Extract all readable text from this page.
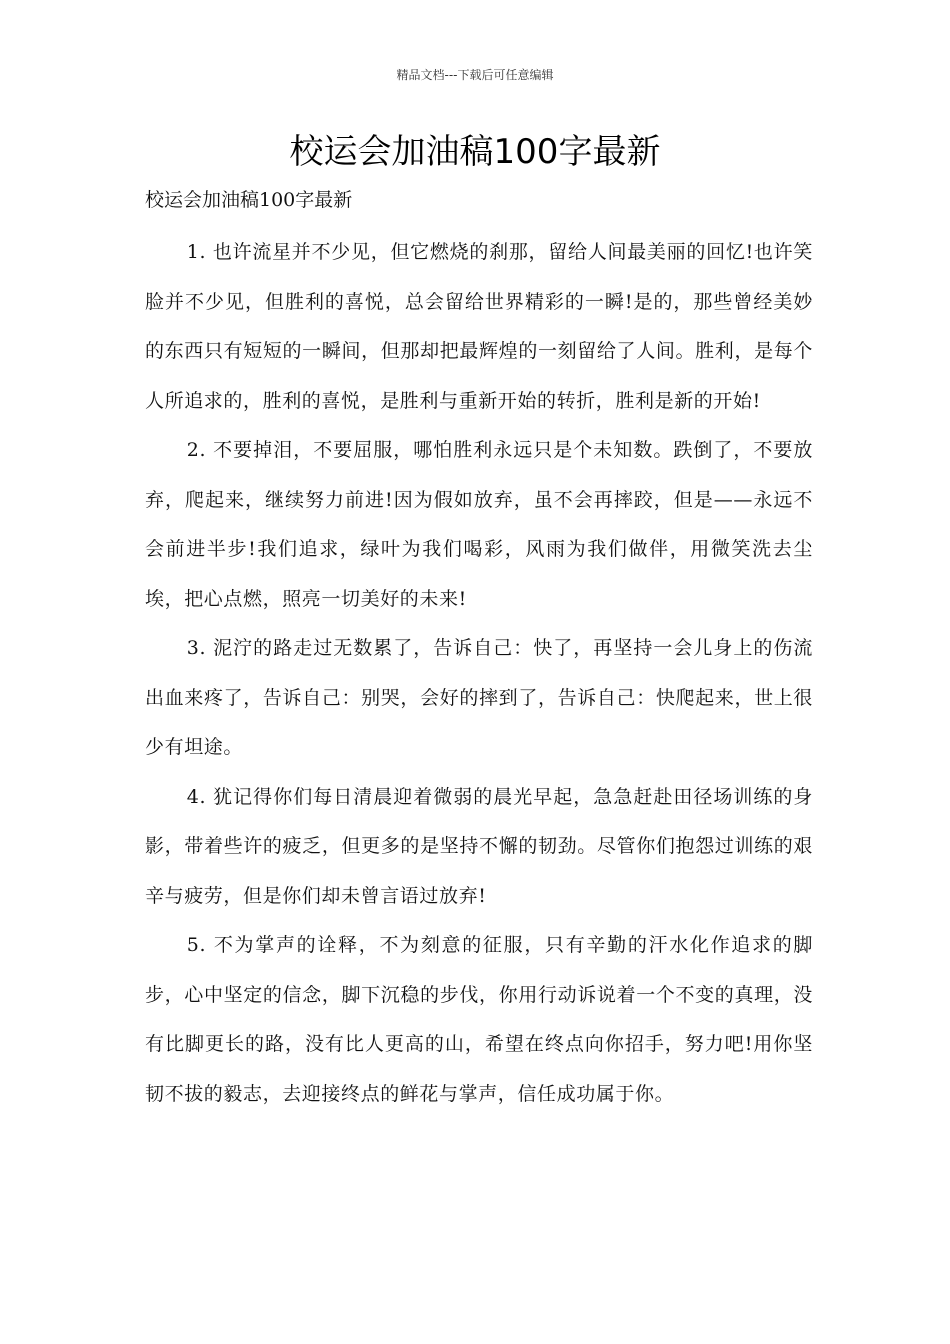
精品文档---下载后可任意编辑
校运会加油稿100字最新
校运会加油稿100字最新

1. 也许流星并不少见，但它燃烧的刹那，留给人间最美丽的回忆!也许笑脸并不少见，但胜利的喜悦，总会留给世界精彩的一瞬!是的，那些曾经美妙的东西只有短短的一瞬间，但那却把最辉煌的一刻留给了人间。胜利，是每个人所追求的，胜利的喜悦，是胜利与重新开始的转折，胜利是新的开始!

2. 不要掉泪，不要屈服，哪怕胜利永远只是个未知数。跌倒了，不要放弃，爬起来，继续努力前进!因为假如放弃，虽不会再摔跤，但是——永远不会前进半步!我们追求，绿叶为我们喝彩，风雨为我们做伴，用微笑洗去尘埃，把心点燃，照亮一切美好的未来!

3. 泥泞的路走过无数累了，告诉自己：快了，再坚持一会儿身上的伤流出血来疼了，告诉自己：别哭，会好的摔到了，告诉自己：快爬起来，世上很少有坦途。

4. 犹记得你们每日清晨迎着微弱的晨光早起，急急赶赴田径场训练的身影，带着些许的疲乏，但更多的是坚持不懈的韧劲。尽管你们抱怨过训练的艰辛与疲劳，但是你们却未曾言语过放弃!

5. 不为掌声的诠释，不为刻意的征服，只有辛勤的汗水化作追求的脚步，心中坚定的信念，脚下沉稳的步伐，你用行动诉说着一个不变的真理，没有比脚更长的路，没有比人更高的山，希望在终点向你招手，努力吧!用你坚韧不拔的毅志，去迎接终点的鲜花与掌声，信任成功属于你。
